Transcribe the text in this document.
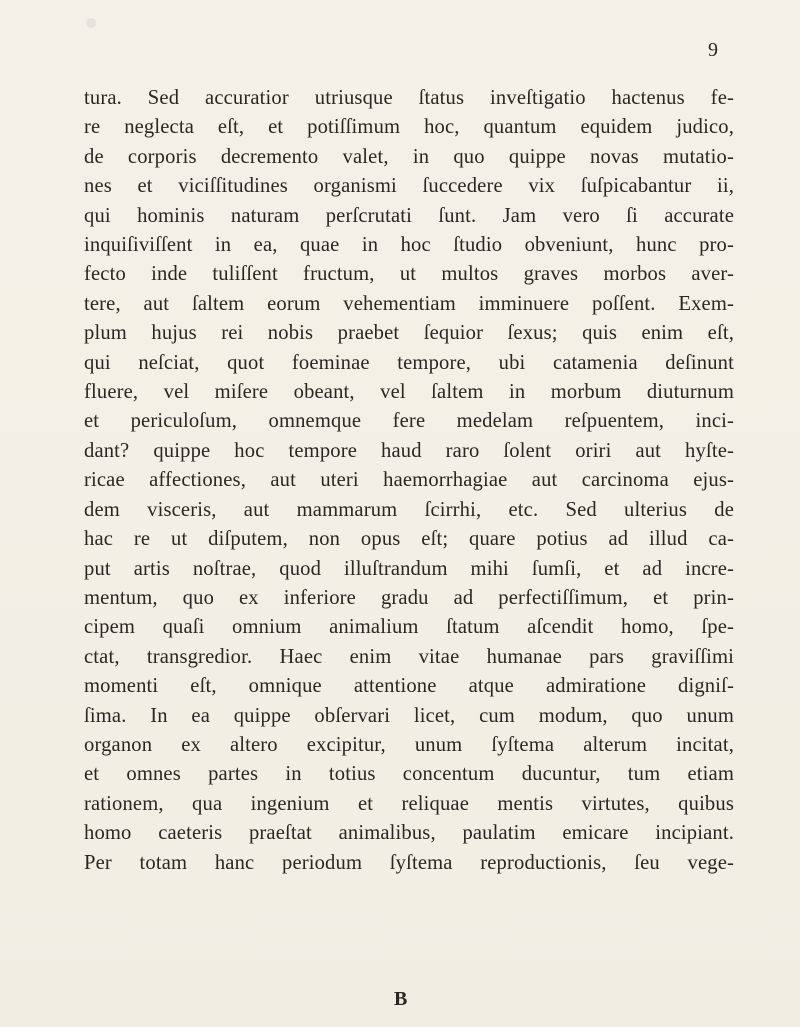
9
tura. Sed accuratior utriusque ſtatus inveſtigatio hactenus fe-
re neglecta eſt, et potiſſimum hoc, quantum equidem judico,
de corporis decremento valet, in quo quippe novas mutatio-
nes et viciſſitudines organismi ſuccedere vix ſuſpicabantur ii,
qui hominis naturam perſcrutati ſunt. Jam vero ſi accurate
inquiſiviſſent in ea, quae in hoc ſtudio obveniunt, hunc pro-
fecto inde tuliſſent fructum, ut multos graves morbos aver-
tere, aut ſaltem eorum vehementiam imminuere poſſent. Exem-
plum hujus rei nobis praebet ſequior ſexus; quis enim eſt,
qui neſciat, quot foeminae tempore, ubi catamenia deſinunt
fluere, vel miſere obeant, vel ſaltem in morbum diuturnum
et periculoſum, omnemque fere medelam reſpuentem, inci-
dant? quippe hoc tempore haud raro ſolent oriri aut hyſte-
ricae affectiones, aut uteri haemorrhagiae aut carcinoma ejus-
dem visceris, aut mammarum ſcirrhi, etc. Sed ulterius de
hac re ut diſputem, non opus eſt; quare potius ad illud ca-
put artis noſtrae, quod illuſtrandum mihi ſumſi, et ad incre-
mentum, quo ex inferiore gradu ad perfectiſſimum, et prin-
cipem quaſi omnium animalium ſtatum aſcendit homo, ſpe-
ctat, transgredior. Haec enim vitae humanae pars graviſſimi
momenti eſt, omnique attentione atque admiratione digniſ-
ſima. In ea quippe obſervari licet, cum modum, quo unum
organon ex altero excipitur, unum ſyſtema alterum incitat,
et omnes partes in totius concentum ducuntur, tum etiam
rationem, qua ingenium et reliquae mentis virtutes, quibus
homo caeteris praeſtat animalibus, paulatim emicare incipiant.
Per totam hanc periodum ſyſtema reproductionis, ſeu vege-
B
